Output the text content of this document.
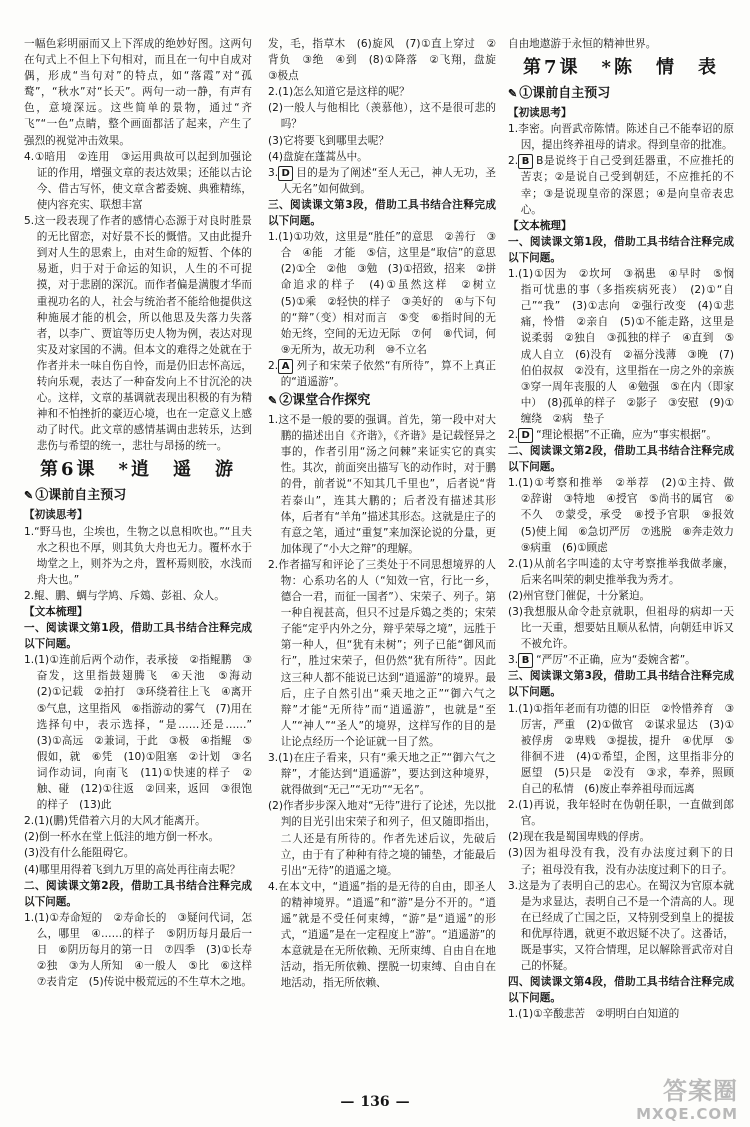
一幅色彩明丽而又上下浑成的绝妙好图。这两句在句式上不但上下句相对，而且在一句中自成对偶，形成“当句对”的特点，如“落霞”对“孤鹜”，“秋水”对“长天”。两句一动一静，有声有色，意境深远。这些简单的景物，通过“齐飞”“一色”点睛，整个画面都活了起来，产生了强烈的视觉冲击效果。

4.①暗用　②连用　③运用典故可以起到加强论证的作用，增强文章的表达效果；还能以古论今、借古写怀，使文章含蓄委婉、典雅精练，使内容充实、联想丰富

5.这一段表现了作者的感情心态源于对良时胜景的无比留恋，对好景不长的慨惜。又由此提升到对人生的思索上，由对生命的短暂、个体的易逝，归于对于命运的知识，人生的不可捉摸，对于悲剧的深沉。而作者偏是满腹才华而重视功名的人，社会与统治者不能给他提供这种施展才能的机会，所以他思及失落力失落者，以李广、贾谊等历史人物为例，表达对现实及对家国的不满。但本文的难得之处就在于作者并未一味自伤自怜，而是仍旧志怀高远，转向乐观，表达了一种奋发向上不甘沉沦的决心。这样，文章的基调就表现出积极的有为精神和不怕挫折的豪迈心境，也在一定意义上感动了时代。此文章的感情基调由悲转乐，达到悲伤与希望的统一，悲壮与昂扬的统一。

第6课　*逍　遥　游
✎ ①课前自主预习

【初读思考】

1.“野马也，尘埃也，生物之以息相吹也。”“且夫水之积也不厚，则其负大舟也无力。覆杯水于坳堂之上，则芥为之舟，置杯焉则胶，水浅而舟大也。”

2.鲲、鹏、蜩与学鸠、斥鴳、彭祖、众人。

【文本梳理】

一、阅读课文第1段，借助工具书结合注释完成以下问题。

1.(1)①连前后两个动作，表承接　②指鲲鹏　③奋发，这里指鼓翅腾飞　④天池　⑤海动　(2)①记载　②拍打　③环绕着往上飞　④离开　⑤气息，这里指风　⑥指游动的雾气　(7)用在选择句中，表示选择，“是……还是……”　(3)①高远　②兼词，于此　③极　④指鲲　⑤假如，就　⑥凭　(10)①阻塞　②计划　③名词作动词，向南飞　(11)①快速的样子　②触、碰　(12)①往返　②回来，返回　③很饱的样子　(13)此

2.(1)(鹏)凭借着六月的大风才能离开。

(2)倒一杯水在堂上低洼的地方倒一杯水。

(3)没有什么能阻碍它。

(4)哪里用得着飞到九万里的高处再往南去呢？

二、阅读课文第2段，借助工具书结合注释完成以下问题。

1.(1)①寿命短的　②寿命长的　③疑问代词，怎么，哪里　④……的样子　⑤阴历每月最后一日　⑥阴历每月的第一日　⑦四季　(3)①长寿　②独　③为人所知　④一般人　⑤比　⑥这样　⑦表肯定　(5)传说中极荒远的不生草木之地。

发，毛，指草木　(6)旋风　(7)①直上穿过　②背负　③绝　④到　(8)①降落　②飞翔，盘旋　③极点

2.(1)怎么知道它是这样的呢？

(2)一般人与他相比（羡慕他），这不是很可悲的吗？

(3)它将要飞到哪里去呢？

(4)盘旋在蓬蒿丛中。

3. D 目的是为了阐述“至人无己，神人无功，圣人无名”如何做到。

三、阅读课文第3段，借助工具书结合注释完成以下问题。

1.(1)①功效，这里是“胜任”的意思　②善行　③合　④能　才能　⑤信，这里是“取信”的意思　(2)①全　②他　③勉　(3)①招致，招来　②拼命追求的样子　(4)①虽然这样　②树立　(5)①乘　②轻快的样子　③美好的　④与下句的“辩”（变）相对而言　⑤变　⑥指时间的无始无终，空间的无边无际　⑦何　⑧代词，何　⑨无所为，故无功利　⑩不立名

2. A 列子和宋荣子依然“有所待”，算不上真正的“逍遥游”。

✎ ②课堂合作探究

1.这不是一般的要的强调。首先，第一段中对大鹏的描述出自《齐谐》，《齐谐》是记载怪异之事的，作者引用“汤之问棘”来证实它的真实性。其次，前面突出描写飞的动作时，对于鹏的骨，前者说“不知其几千里也”，后者说“背若泰山”，连其大鹏的；后者没有描述其形体，后者有“羊角”描述其形态。这就是庄子的有意之笔，通过“重复”来加深论说的分量，更加体现了“小大之辩”的理解。

2.作者描写和评论了三类处于不同思想境界的人物：心系功名的人（“知效一官，行比一乡，德合一君，而征一国者”）、宋荣子、列子。第一种自视甚高，但只不过是斥鴳之类的；宋荣子能“定乎内外之分，辩乎荣辱之境”，远胜于第一种人，但“犹有未树”；列子已能“御风而行”，胜过宋荣子，但仍然“犹有所待”。因此这三种人都不能说已达到“逍遥游”的境界。最后，庄子自然引出“乘天地之正”“御六气之辩”才能“无所待”而“逍遥游”，也就是“至人”“神人”“圣人”的境界，这样写作的目的是让论点经历一个论证就一目了然。

3.(1)在庄子看来，只有“乘天地之正”“御六气之辩”，才能达到“逍遥游”，要达到这种境界，就得做到“无己”“无功”“无名”。

(2)作者步步深入地对“无待”进行了论述，先以批判的目光引出宋荣子和列子，但又随即指出，二人还是有所待的。作者先述后议，先破后立，由于有了种种有待之境的铺垫，才能最后引出“无待”的逍遥之境。

4.在本文中，“逍遥”指的是无待的自由，即圣人的精神境界。“逍遥”和“游”是分不开的。“逍遥”就是不受任何束缚，“游”是“逍遥”的形式，“逍遥”是在一定程度上“游”。“逍遥游”的本意就是在无所依赖、无所束缚、自由自在地活动，指无所依赖、摆脱一切束缚、自由自在地活动，指无所依赖、

自由地遨游于永恒的精神世界。

第7课　*陈　情　表
✎ ①课前自主预习

【初读思考】

1.李密。向晋武帝陈情。陈述自己不能奉诏的原因，提出终养祖母的请求。得到皇帝的批准。

2. B B是说终于自己受到廷器重，不应推托的苦衷；②是说自己受到朝廷，不应推托的不幸；③是说现皇帝的深恩；④是向皇帝表忠心。

【文本梳理】

一、阅读课文第1段，借助工具书结合注释完成以下问题。

1.(1)①因为　②坎坷　③祸患　④早时　⑤悯　指可忧患的事（多指疾病死丧）　(2)①“自己”“我”　(3)①志向　②强行改变　(4)①悲痛，怜惜　②亲自　(5)①不能走路，这里是说柔弱　②独自　③孤独的样子　④直到　⑤成人自立　(6)没有　②福分浅薄　③晚　(7)伯伯叔叔　②没有，这里指在一房之外的亲族　③穿一周年丧服的人　④勉强　⑤在内（即家中）　(8)孤单的样子　②影子　③安慰　(9)①缠绕　②病　垫子

2. D “理论根据”不正确，应为“事实根据”。

二、阅读课文第2段，借助工具书结合注释完成以下问题。

1.(1)①考察和推举　②举荐　(2)①主持、做　②辞谢　③特地　④授官　⑤尚书的属官　⑥不久　⑦蒙受，承受　⑧授予官职　⑨报效　(5)使上闻　⑥急切严厉　⑦逃脱　⑧奔走效力　⑨病重　(6)①顾虑

2.(1)从前名字叫逵的太守考察推举我做孝廉，后来名叫荣的刺史推举我为秀才。

(2)州官登门催促，十分紧迫。

(3)我想服从命令赴京就职，但祖母的病却一天比一天重，想要姑且顺从私情，向朝廷申诉又不被允许。

3. B “严厉”不正确，应为“委婉含蓄”。

三、阅读课文第3段，借助工具书结合注释完成以下问题。

1.(1)①指年老而有功德的旧臣　②怜惜养育　③厉害，严重　(2)①做官　②谋求显达　(3)①被俘虏　②卑贱　③提拔，提升　④优厚　⑤徘徊不进　(4)①希望，企图，这里指非分的愿望　(5)只是　②没有　③求，奉养，照顾自己的私情　(6)废止奉养祖母而远离

2.(1)再说，我年轻时在伪朝任职，一直做到郎官。

(2)现在我是蜀国卑贱的俘虏。

(3)因为祖母没有我，没有办法度过剩下的日子；祖母没有我，没有办法度过剩下的日子。

3.这是为了表明自己的忠心。在蜀汉为官原本就是为求显达，表明自己不是一个清高的人。现在已经成了亡国之臣，又特别受到皇上的提拔和优厚待遇，就更不敢迟疑不决了。这番话，既是事实，又符合情理，足以解除晋武帝对自己的怀疑。

四、阅读课文第4段，借助工具书结合注释完成以下问题。

1.(1)①辛酸悲苦　②明明白白知道的

— 136 —	答案圈
MXQE.COM
